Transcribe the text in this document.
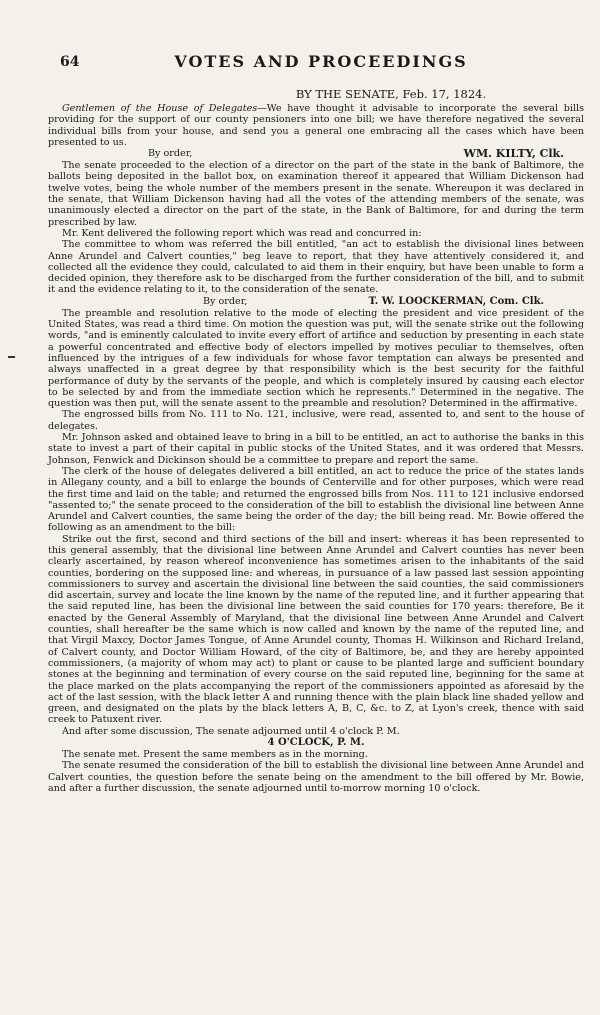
64	VOTES AND PROCEEDINGS
BY THE SENATE, Feb. 17, 1824.

Gentlemen of the House of Delegates—We have thought it advisable to incorporate the several bills providing for the support of our county pensioners into one bill; we have therefore negatived the several individual bills from your house, and send you a general one embracing all the cases which have been presented to us.

By order,	WM. KILTY, Clk.

The senate proceeded to the election of a director on the part of the state in the bank of Baltimore, the ballots being deposited in the ballot box, on examination thereof it appeared that William Dickenson had twelve votes, being the whole number of the members present in the senate. Whereupon it was declared in the senate, that William Dickenson having had all the votes of the attending members of the senate, was unanimously elected a director on the part of the state, in the Bank of Baltimore, for and during the term prescribed by law.

Mr. Kent delivered the following report which was read and concurred in:

The committee to whom was referred the bill entitled, "an act to establish the divisional lines between Anne Arundel and Calvert counties," beg leave to report, that they have attentively considered it, and collected all the evidence they could, calculated to aid them in their enquiry, but have been unable to form a decided opinion, they therefore ask to be discharged from the further consideration of the bill, and to submit it and the evidence relating to it, to the consideration of the senate.

By order,	T. W. LOOCKERMAN, Com. Clk.

The preamble and resolution relative to the mode of electing the president and vice president of the United States, was read a third time. On motion the question was put, will the senate strike out the following words, "and is eminently calculated to invite every effort of artifice and seduction by presenting in each state a powerful concentrated and effective body of electors impelled by motives peculiar to themselves, often influenced by the intrigues of a few individuals for whose favor temptation can always be presented and always unaffected in a great degree by that responsibility which is the best security for the faithful performance of duty by the servants of the people, and which is completely insured by causing each elector to be selected by and from the immediate section which he represents." Determined in the negative. The question was then put, will the senate assent to the preamble and resolution? Determined in the affirmative.

The engrossed bills from No. 111 to No. 121, inclusive, were read, assented to, and sent to the house of delegates.

Mr. Johnson asked and obtained leave to bring in a bill to be entitled, an act to authorise the banks in this state to invest a part of their capital in public stocks of the United States, and it was ordered that Messrs. Johnson, Fenwick and Dickinson should be a committee to prepare and report the same.

The clerk of the house of delegates delivered a bill entitled, an act to reduce the price of the states lands in Allegany county, and a bill to enlarge the bounds of Centerville and for other purposes, which were read the first time and laid on the table; and returned the engrossed bills from Nos. 111 to 121 inclusive endorsed "assented to;" the senate proceed to the consideration of the bill to establish the divisional line between Anne Arundel and Calvert counties, the same being the order of the day; the bill being read. Mr. Bowie offered the following as an amendment to the bill:

Strike out the first, second and third sections of the bill and insert: whereas it has been represented to this general assembly, that the divisional line between Anne Arundel and Calvert counties has never been clearly ascertained, by reason whereof inconvenience has sometimes arisen to the inhabitants of the said counties, bordering on the supposed line: and whereas, in pursuance of a law passed last session appointing commissioners to survey and ascertain the divisional line between the said counties, the said commissioners did ascertain, survey and locate the line known by the name of the reputed line, and it further appearing that the said reputed line, has been the divisional line between the said counties for 170 years: therefore, Be it enacted by the General Assembly of Maryland, that the divisional line between Anne Arundel and Calvert counties, shall hereafter be the same which is now called and known by the name of the reputed line, and that Virgil Maxcy, Doctor James Tongue, of Anne Arundel county, Thomas H. Wilkinson and Richard Ireland, of Calvert county, and Doctor William Howard, of the city of Baltimore, be, and they are hereby appointed commissioners, (a majority of whom may act) to plant or cause to be planted large and sufficient boundary stones at the beginning and termination of every course on the said reputed line, beginning for the same at the place marked on the plats accompanying the report of the commissioners appointed as aforesaid by the act of the last session, with the black letter A and running thence with the plain black line shaded yellow and green, and designated on the plats by the black letters A, B, C, &c. to Z, at Lyon's creek, thence with said creek to Patuxent river.

And after some discussion, The senate adjourned until 4 o'clock P. M.

4 O'CLOCK, P. M.

The senate met. Present the same members as in the morning.

The senate resumed the consideration of the bill to establish the divisional line between Anne Arundel and Calvert counties, the question before the senate being on the amendment to the bill offered by Mr. Bowie, and after a further discussion, the senate adjourned until to-morrow morning 10 o'clock.
